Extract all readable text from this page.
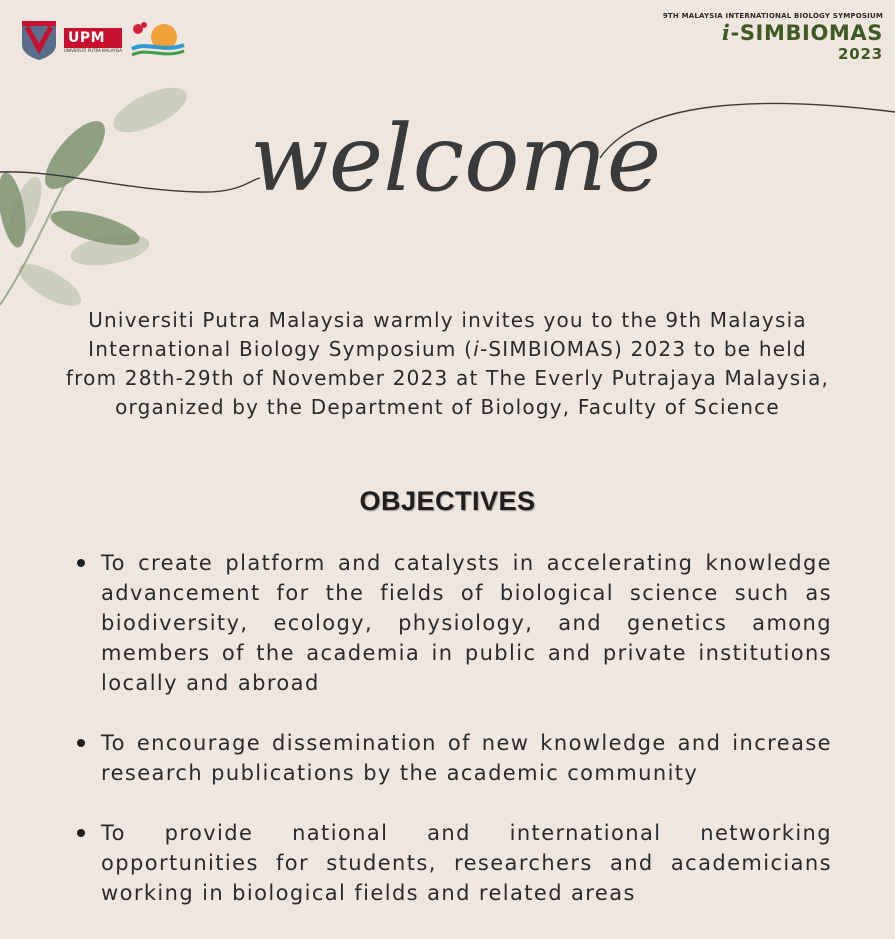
UPM
UNIVERSITI PUTRA MALAYSIA
9TH MALAYSIA INTERNATIONAL BIOLOGY SYMPOSIUM
i-SIMBIOMAS
2023
welcome
Universiti Putra Malaysia warmly invites you to the 9th Malaysia
International Biology Symposium (i-SIMBIOMAS) 2023 to be held
from 28th-29th of November 2023 at The Everly Putrajaya Malaysia,
organized by the Department of Biology, Faculty of Science
OBJECTIVES
To create platform and catalysts in accelerating knowledge advancement for the fields of biological science such as biodiversity, ecology, physiology, and genetics among members of the academia in public and private institutions locally and abroad
To encourage dissemination of new knowledge and increase research publications by the academic community
To provide national and international networking opportunities for students, researchers and academicians working in biological fields and related areas
